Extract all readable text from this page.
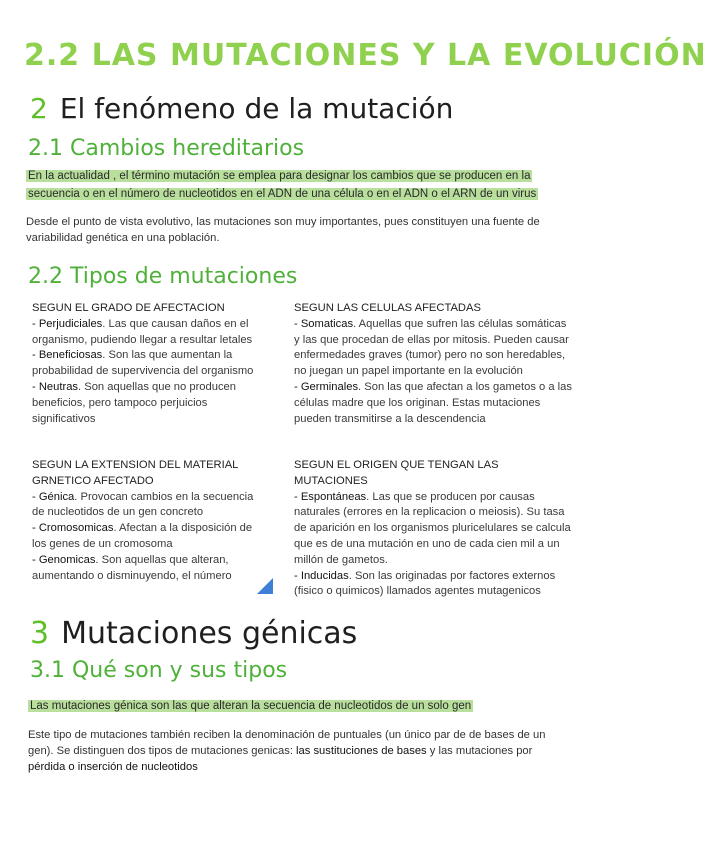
2.2 LAS MUTACIONES Y LA EVOLUCIÓN
2 El fenómeno de la mutación
2.1 Cambios hereditarios
En la actualidad , el término mutación se emplea para designar los cambios que se producen en la secuencia o en el número de nucleotidos en el ADN de una célula o en el ADN o el ARN de un virus
Desde el punto de vista evolutivo, las mutaciones son muy importantes, pues constituyen una fuente de variabilidad genética en una población.
2.2 Tipos de mutaciones
SEGUN EL GRADO DE AFECTACION
- Perjudiciales. Las que causan daños en el organismo, pudiendo llegar a resultar letales
- Beneficiosas. Son las que aumentan la probabilidad de supervivencia del organismo
- Neutras. Son aquellas que no producen beneficios, pero tampoco perjuicios significativos
SEGUN LAS CELULAS AFECTADAS
- Somaticas. Aquellas que sufren las células somáticas y las que procedan de ellas por mitosis. Pueden causar enfermedades graves (tumor) pero no son heredables, no juegan un papel importante en la evolución
- Germinales. Son las que afectan a los gametos o a las células madre que los originan. Estas mutaciones pueden transmitirse a la descendencia
SEGUN LA EXTENSION DEL MATERIAL GRNETICO AFECTADO
- Génica. Provocan cambios en la secuencia de nucleotidos de un gen concreto
- Cromosomicas. Afectan a la disposición de los genes de un cromosoma
- Genomicas. Son aquellas que alteran, aumentando o disminuyendo, el número
SEGUN EL ORIGEN QUE TENGAN LAS MUTACIONES
- Espontáneas. Las que se producen por causas naturales (errores en la replicacion o meiosis). Su tasa de aparición en los organismos pluricelulares se calcula que es de una mutación en uno de cada cien mil a un millón de gametos.
- Inducidas. Son las originadas por factores externos (fisico o quimicos) llamados agentes mutagenicos
3 Mutaciones génicas
3.1 Qué son y sus tipos
Las mutaciones génica son las que alteran la secuencia de nucleotidos de un solo gen
Este tipo de mutaciones también reciben la denominación de puntuales (un único par de de bases de un gen). Se distinguen dos tipos de mutaciones genicas: las sustituciones de bases y las mutaciones por pérdida o inserción de nucleotidos
